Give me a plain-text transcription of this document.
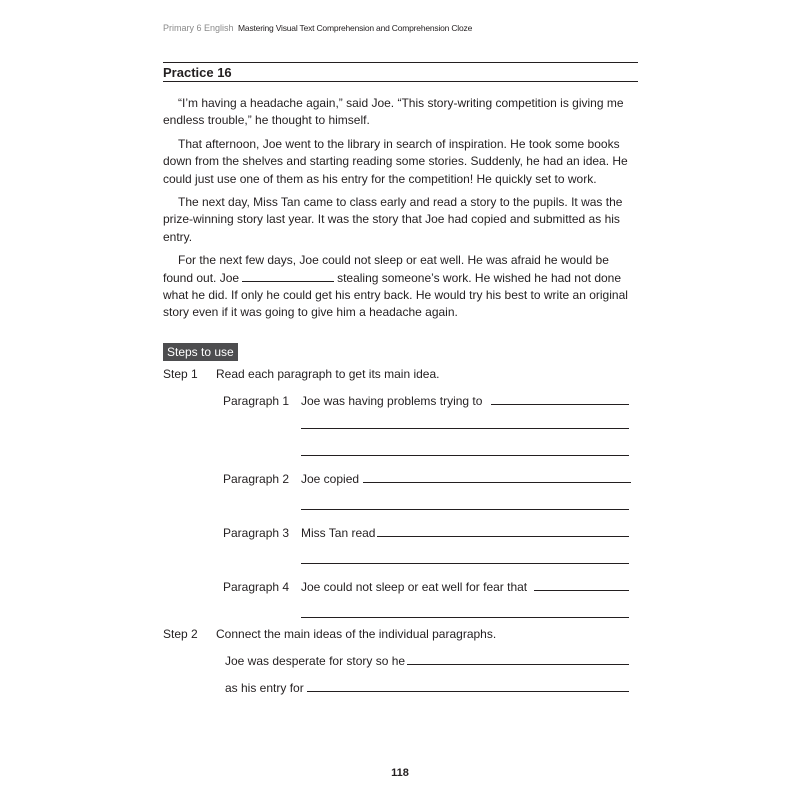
Primary 6 English Mastering Visual Text Comprehension and Comprehension Cloze
Practice 16

“I’m having a headache again,” said Joe. “This story-writing competition is giving me endless trouble,” he thought to himself.

That afternoon, Joe went to the library in search of inspiration. He took some books down from the shelves and starting reading some stories. Suddenly, he had an idea. He could just use one of them as his entry for the competition! He quickly set to work.

The next day, Miss Tan came to class early and read a story to the pupils. It was the prize-winning story last year. It was the story that Joe had copied and submitted as his entry.

For the next few days, Joe could not sleep or eat well. He was afraid he would be found out. Joe	stealing someone’s work. He wished he had not done what he did. If only he could get his entry back. He would try his best to write an original story even if it was going to give him a headache again.

Steps to use
Step 1 Read each paragraph to get its main idea.
Paragraph 1 Joe was having problems trying to
Paragraph 2 Joe copied
Paragraph 3 Miss Tan read
Paragraph 4 Joe could not sleep or eat well for fear that
Step 2 Connect the main ideas of the individual paragraphs.
Joe was desperate for story so he
as his entry for
118
